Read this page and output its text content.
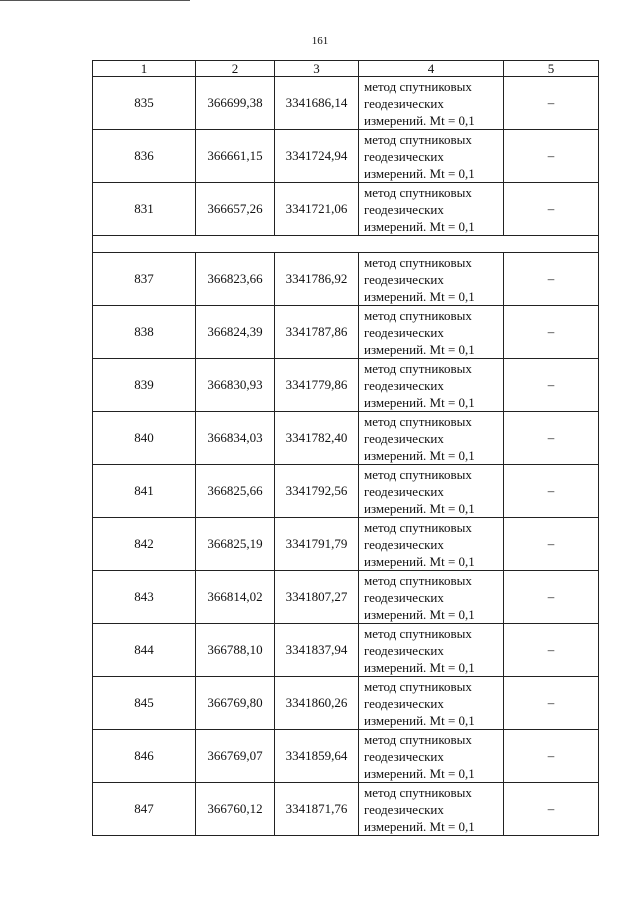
161
1	2	3	4	5
835	366699,38	3341686,14	метод спутниковых
геодезических
измерений. Mt = 0,1	–
836	366661,15	3341724,94	метод спутниковых
геодезических
измерений. Mt = 0,1	–
831	366657,26	3341721,06	метод спутниковых
геодезических
измерений. Mt = 0,1	–

837	366823,66	3341786,92	метод спутниковых
геодезических
измерений. Mt = 0,1	–
838	366824,39	3341787,86	метод спутниковых
геодезических
измерений. Mt = 0,1	–
839	366830,93	3341779,86	метод спутниковых
геодезических
измерений. Mt = 0,1	–
840	366834,03	3341782,40	метод спутниковых
геодезических
измерений. Mt = 0,1	–
841	366825,66	3341792,56	метод спутниковых
геодезических
измерений. Mt = 0,1	–
842	366825,19	3341791,79	метод спутниковых
геодезических
измерений. Mt = 0,1	–
843	366814,02	3341807,27	метод спутниковых
геодезических
измерений. Mt = 0,1	–
844	366788,10	3341837,94	метод спутниковых
геодезических
измерений. Mt = 0,1	–
845	366769,80	3341860,26	метод спутниковых
геодезических
измерений. Mt = 0,1	–
846	366769,07	3341859,64	метод спутниковых
геодезических
измерений. Mt = 0,1	–
847	366760,12	3341871,76	метод спутниковых
геодезических
измерений. Mt = 0,1	–
